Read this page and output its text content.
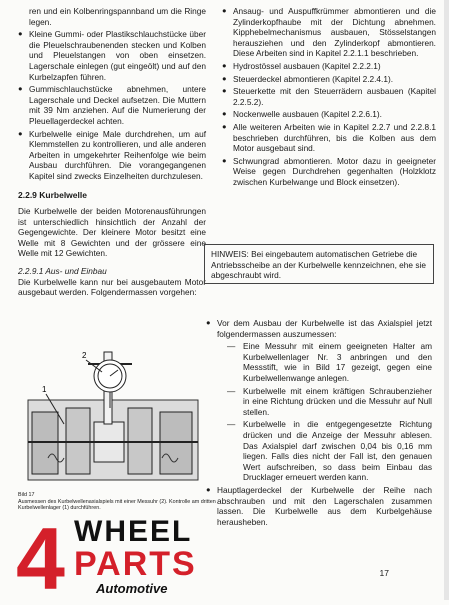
ren und ein Kolbenringspannband um die Ringe legen.

● Kleine Gummi- oder Plastikschlauchstücke über die Pleuelschraubenenden stecken und Kolben und Pleuelstangen von oben einsetzen. Lagerschale einlegen (gut eingeölt) und auf den Kurbelzapfen führen.

● Gummischlauchstücke abnehmen, untere Lagerschale und Deckel aufsetzen. Die Muttern mit 39 Nm anziehen. Auf die Numerierung der Pleuellagerdeckel achten.

● Kurbelwelle einige Male durchdrehen, um auf Klemmstellen zu kontrollieren, und alle anderen Arbeiten in umgekehrter Reihenfolge wie beim Ausbau durchführen. Die vorangegangenen Kapitel sind zwecks Einzelheiten durchzulesen.

2.2.9 Kurbelwelle

Die Kurbelwelle der beiden Motorenausführungen ist unterschiedlich hinsichtlich der Anzahl der Gegengewichte. Der kleinere Motor besitzt eine Welle mit 8 Gewichten und der grössere eine Welle mit 12 Gewichten.

2.2.9.1 Aus- und Einbau

Die Kurbelwelle kann nur bei ausgebautem Motor ausgebaut werden. Folgendermassen vorgehen:

● Ansaug- und Auspuffkrümmer abmontieren und die Zylinderkopfhaube mit der Dichtung abnehmen. Kipphebelmechanismus ausbauen, Stösselstangen herausziehen und den Zylinderkopf abmontieren. Diese Arbeiten sind in Kapitel 2.2.1.1 beschrieben.

● Hydrostössel ausbauen (Kapitel 2.2.2.1)

● Steuerdeckel abmontieren (Kapitel 2.2.4.1).

● Steuerkette mit den Steuerrädern ausbauen (Kapitel 2.2.5.2).

● Nockenwelle ausbauen (Kapitel 2.2.6.1).

● Alle weiteren Arbeiten wie in Kapitel 2.2.7 und 2.2.8.1 beschrieben durchführen, bis die Kolben aus dem Motor ausgebaut sind.

● Schwungrad abmontieren. Motor dazu in geeigneter Weise gegen Durchdrehen gegenhalten (Holzklotz zwischen Kurbelwange und Block einsetzen).

HINWEIS: Bei eingebautem automatischen Getriebe die Antriebsscheibe an der Kurbelwelle kennzeichnen, ehe sie abgeschraubt wird.

● Vor dem Ausbau der Kurbelwelle ist das Axialspiel jetzt folgendermassen auszumessen:

— Eine Messuhr mit einem geeigneten Halter am Kurbelwellenlager Nr. 3 anbringen und den Messstift, wie in Bild 17 gezeigt, gegen eine Kurbelwellenwange anlegen.

— Kurbelwelle mit einem kräftigen Schraubenzieher in eine Richtung drücken und die Messuhr auf Null stellen.

— Kurbelwelle in die entgegengesetzte Richtung drücken und die Anzeige der Messuhr ablesen. Das Axialspiel darf zwischen 0,04 bis 0,16 mm liegen. Falls dies nicht der Fall ist, den genauen Wert aufschreiben, so dass beim Einbau das Drucklager erneuert werden kann.

● Hauptlagerdeckel der Kurbelwelle der Reihe nach abschrauben und mit den Lagerschalen zusammen lassen. Die Kurbelwelle aus dem Kurbelgehäuse herausheben.

2
1
Bild 17
Ausmessen des Kurbelwellenaxialspiels mit einer Messuhr (2). Kontrolle am dritten Kurbelwellenlager (1) durchführen.
4 WHEEL
PARTS
Automotive
17
